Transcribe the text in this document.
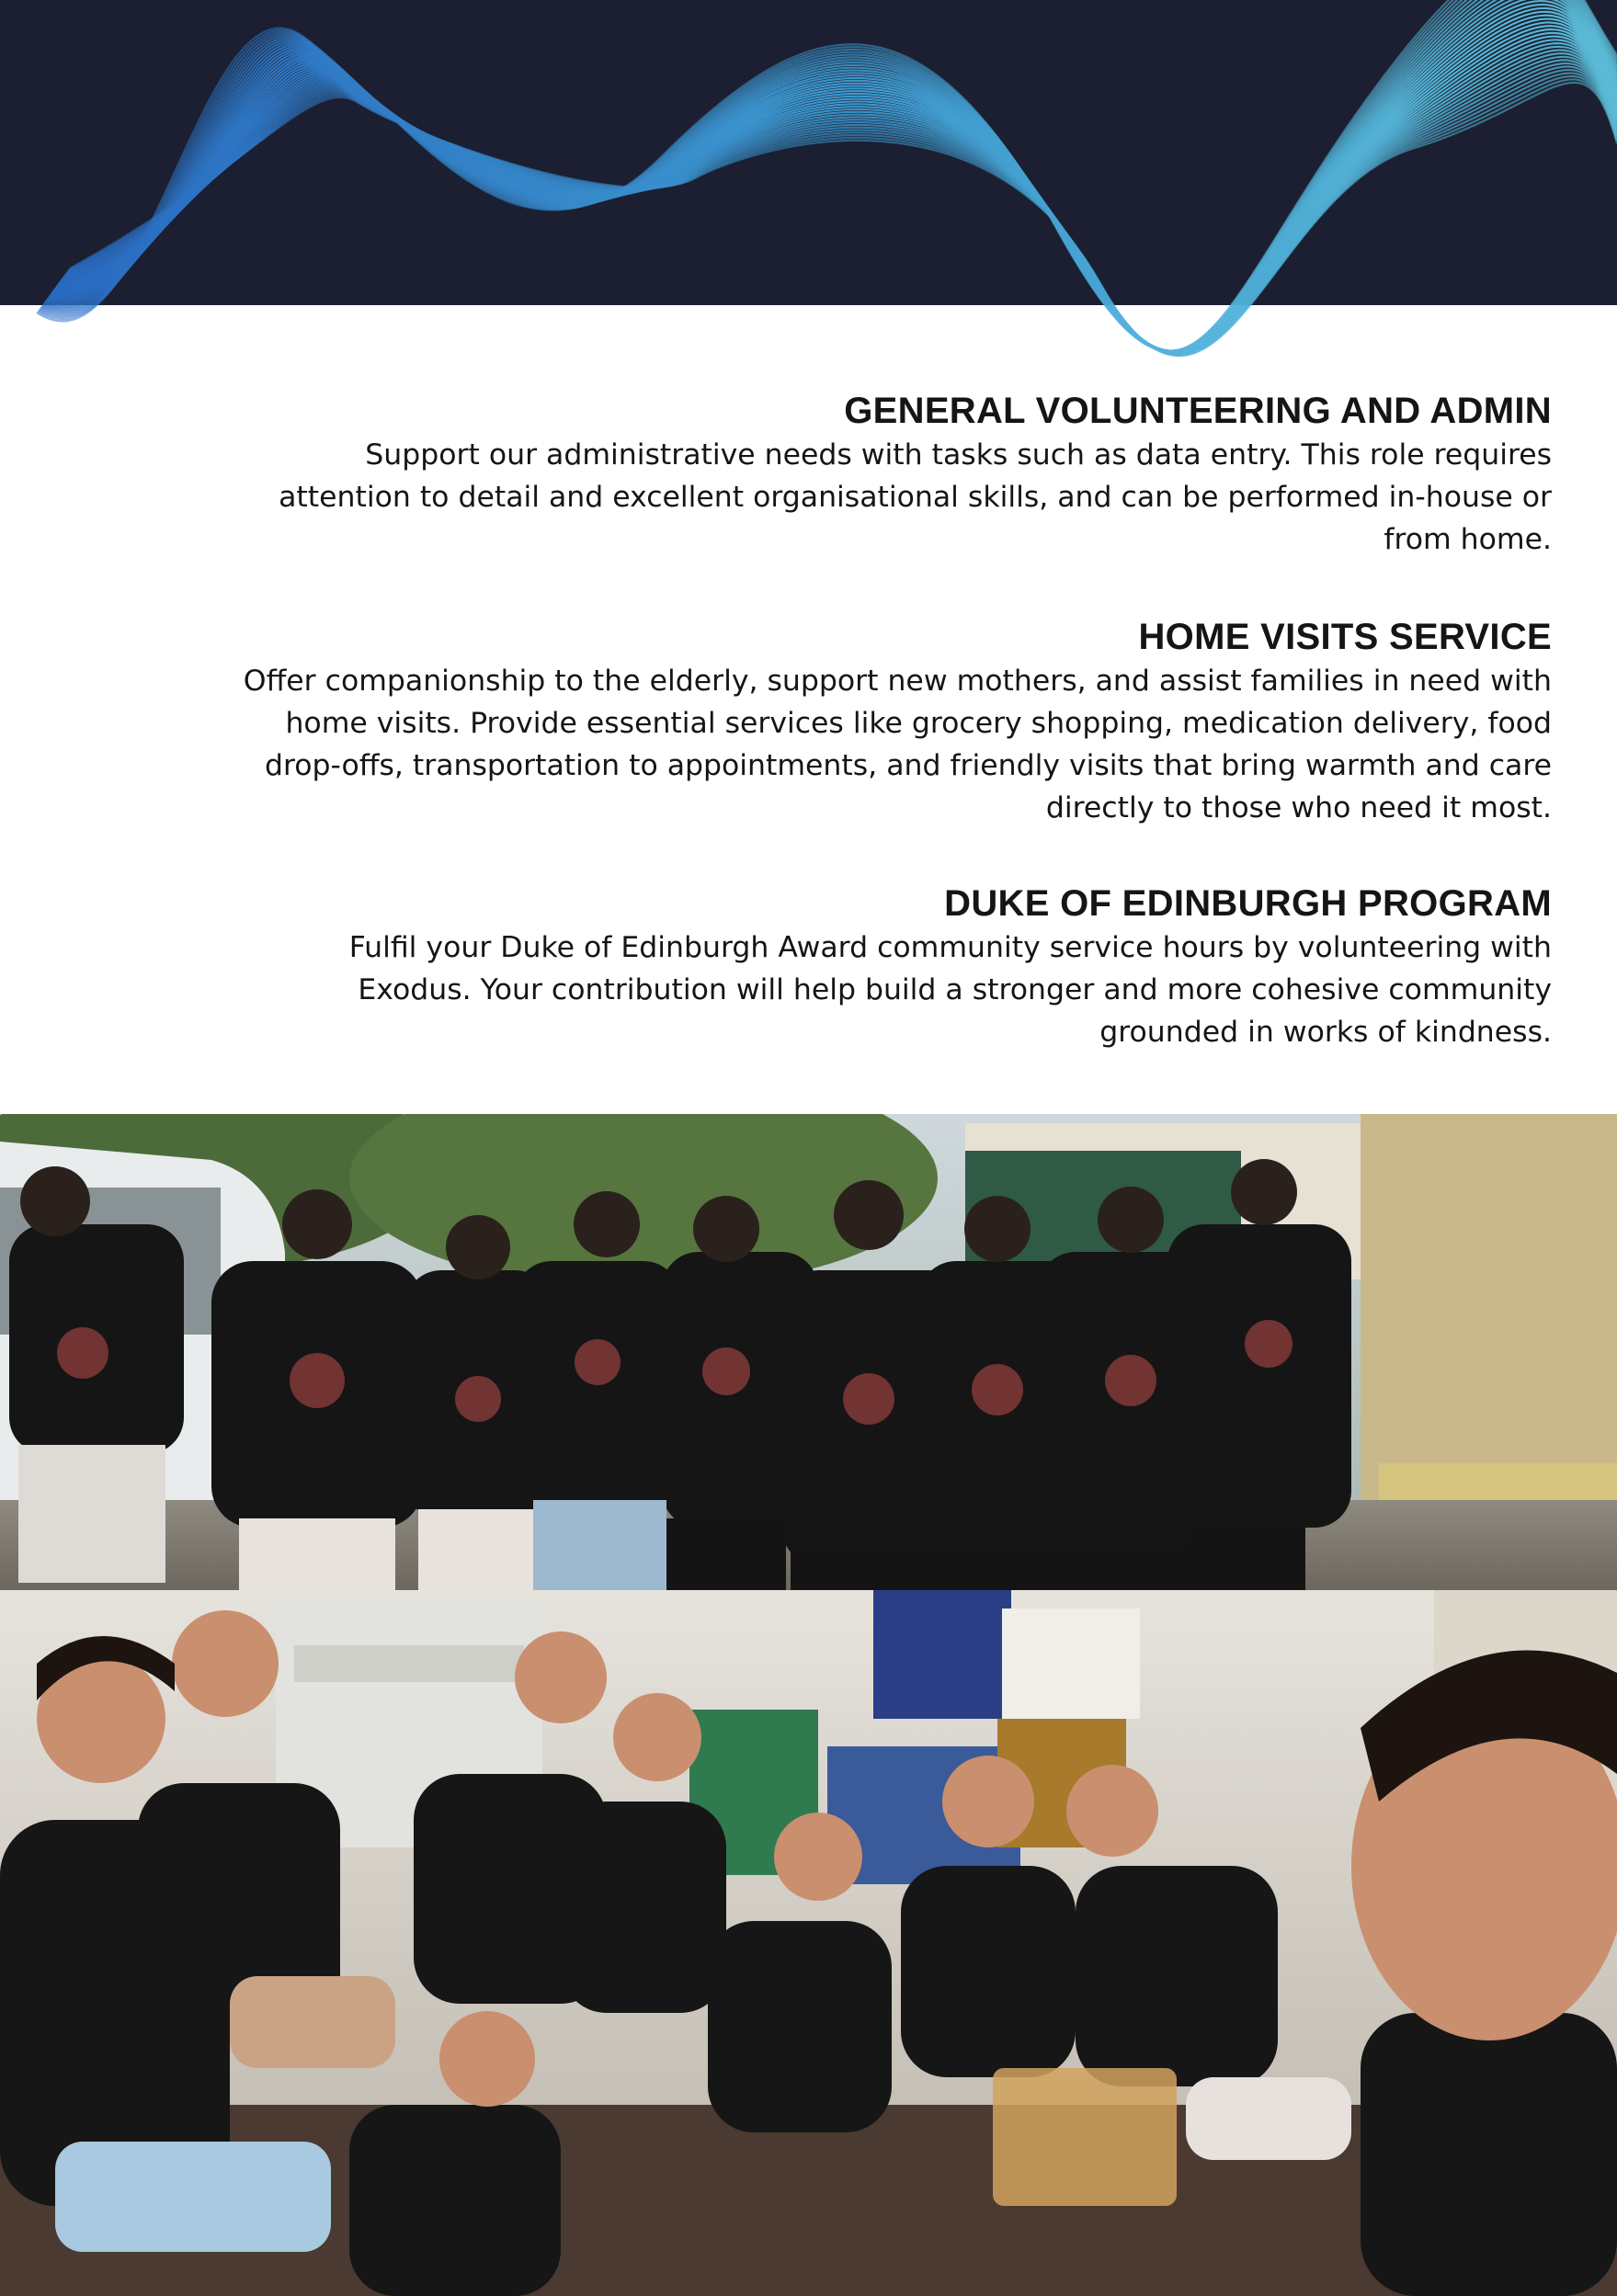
GENERAL VOLUNTEERING AND ADMIN

Support our administrative needs with tasks such as data entry. This role requires attention to detail and excellent organisational skills, and can be performed in-house or from home.

HOME VISITS SERVICE

Offer companionship to the elderly, support new mothers, and assist families in need with home visits. Provide essential services like grocery shopping, medication delivery, food drop-offs, transportation to appointments, and friendly visits that bring warmth and care directly to those who need it most.

DUKE OF EDINBURGH PROGRAM

Fulfil your Duke of Edinburgh Award community service hours by volunteering with Exodus. Your contribution will help build a stronger and more cohesive community grounded in works of kindness.
